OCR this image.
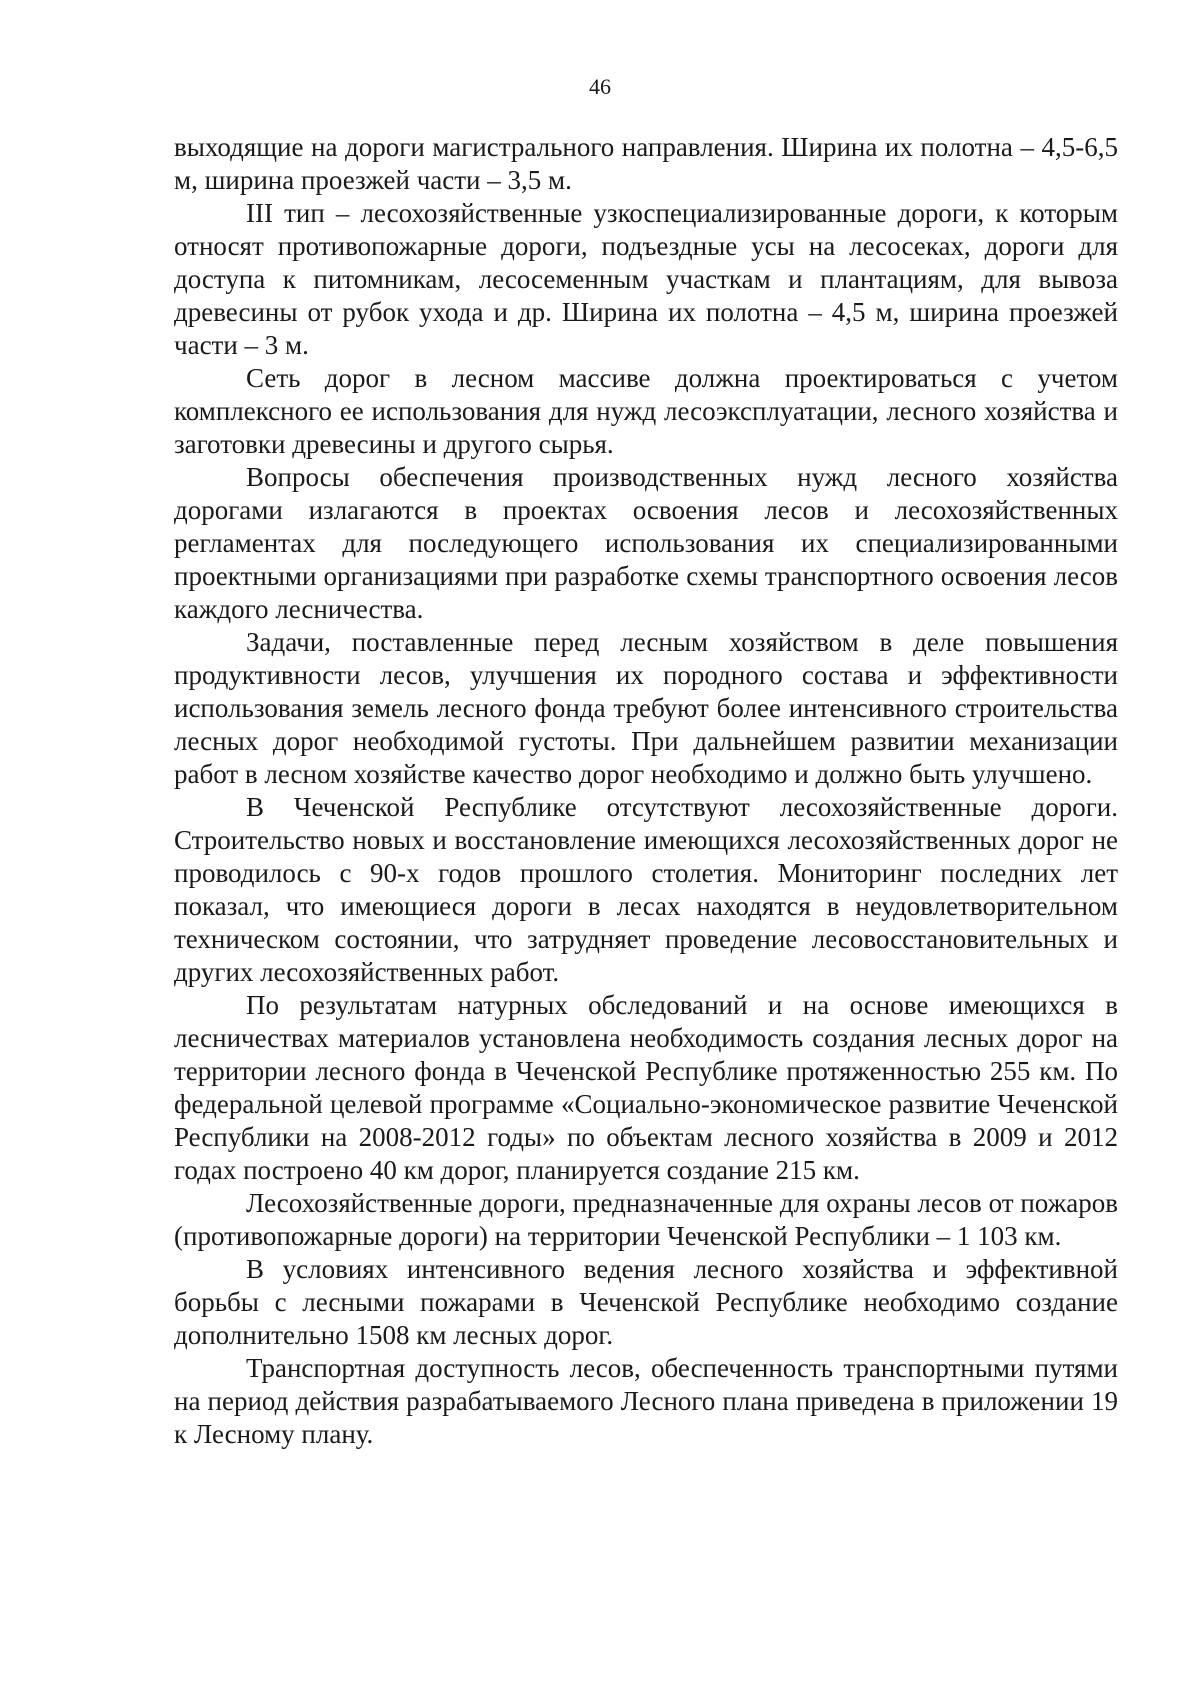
46

выходящие на дороги магистрального направления. Ширина их полотна – 4,5-6,5 м, ширина проезжей части – 3,5 м.

III тип – лесохозяйственные узкоспециализированные дороги, к которым относят противопожарные дороги, подъездные усы на лесосеках, дороги для доступа к питомникам, лесосеменным участкам и плантациям, для вывоза древесины от рубок ухода и др. Ширина их полотна – 4,5 м, ширина проезжей части – 3 м.

Сеть дорог в лесном массиве должна проектироваться с учетом комплексного ее использования для нужд лесоэксплуатации, лесного хозяйства и заготовки древесины и другого сырья.

Вопросы обеспечения производственных нужд лесного хозяйства дорогами излагаются в проектах освоения лесов и лесохозяйственных регламентах для последующего использования их специализированными проектными организациями при разработке схемы транспортного освоения лесов каждого лесничества.

Задачи, поставленные перед лесным хозяйством в деле повышения продуктивности лесов, улучшения их породного состава и эффективности использования земель лесного фонда требуют более интенсивного строительства лесных дорог необходимой густоты. При дальнейшем развитии механизации работ в лесном хозяйстве качество дорог необходимо и должно быть улучшено.

В Чеченской Республике отсутствуют лесохозяйственные дороги. Строительство новых и восстановление имеющихся лесохозяйственных дорог не проводилось с 90-х годов прошлого столетия. Мониторинг последних лет показал, что имеющиеся дороги в лесах находятся в неудовлетворительном техническом состоянии, что затрудняет проведение лесовосстановительных и других лесохозяйственных работ.

По результатам натурных обследований и на основе имеющихся в лесничествах материалов установлена необходимость создания лесных дорог на территории лесного фонда в Чеченской Республике протяженностью 255 км. По федеральной целевой программе «Социально-экономическое развитие Чеченской Республики на 2008-2012 годы» по объектам лесного хозяйства в 2009 и 2012 годах построено 40 км дорог, планируется создание 215 км.

Лесохозяйственные дороги, предназначенные для охраны лесов от пожаров (противопожарные дороги) на территории Чеченской Республики – 1 103 км.

В условиях интенсивного ведения лесного хозяйства и эффективной борьбы с лесными пожарами в Чеченской Республике необходимо создание дополнительно 1508 км лесных дорог.

Транспортная доступность лесов, обеспеченность транспортными путями на период действия разрабатываемого Лесного плана приведена в приложении 19 к Лесному плану.
